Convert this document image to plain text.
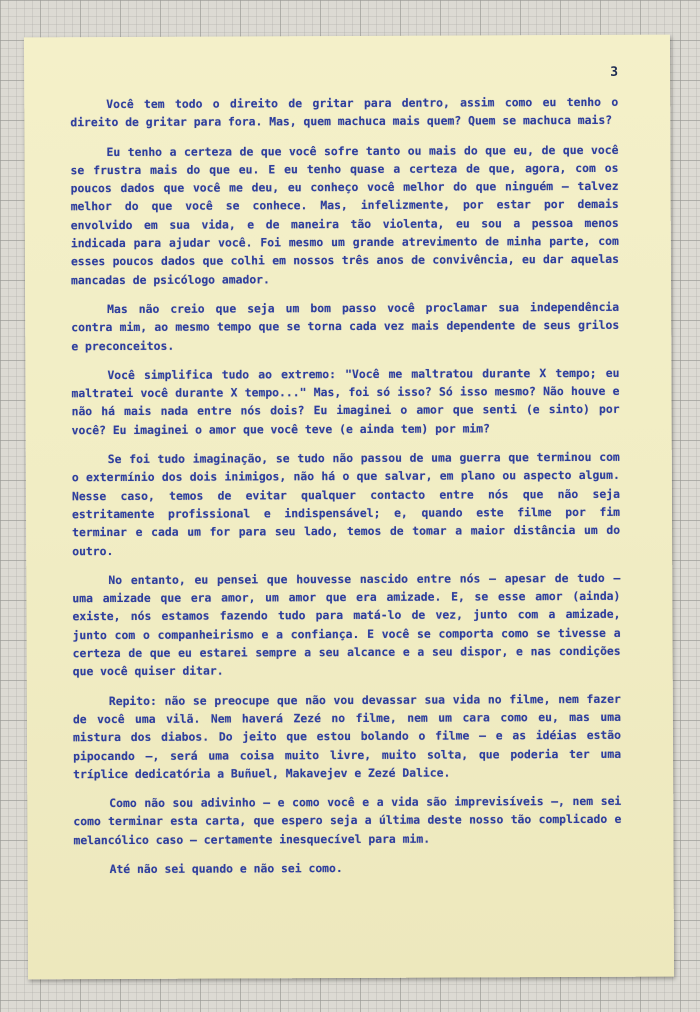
3

Você tem todo o direito de gritar para dentro, assim como eu tenho o direito de gritar para fora. Mas, quem machuca mais quem? Quem se machuca mais?

Eu tenho a certeza de que você sofre tanto ou mais do que eu, de que você se frustra mais do que eu. E eu tenho quase a certeza de que, agora, com os poucos dados que você me deu, eu conheço você melhor do que ninguém — talvez melhor do que você se conhece. Mas, infelizmente, por estar por demais envolvido em sua vida, e de maneira tão violenta, eu sou a pessoa menos indicada para ajudar você. Foi mesmo um grande atrevimento de minha parte, com esses poucos dados que colhi em nossos três anos de convivência, eu dar aquelas mancadas de psicólogo amador.

Mas não creio que seja um bom passo você proclamar sua independência contra mim, ao mesmo tempo que se torna cada vez mais dependente de seus grilos e preconceitos.

Você simplifica tudo ao extremo: "Você me maltratou durante X tempo; eu maltratei você durante X tempo..." Mas, foi só isso? Só isso mesmo? Não houve e não há mais nada entre nós dois? Eu imaginei o amor que senti (e sinto) por você? Eu imaginei o amor que você teve (e ainda tem) por mim?

Se foi tudo imaginação, se tudo não passou de uma guerra que terminou com o extermínio dos dois inimigos, não há o que salvar, em plano ou aspecto algum. Nesse caso, temos de evitar qualquer contacto entre nós que não seja estritamente profissional e indispensável; e, quando este filme por fim terminar e cada um for para seu lado, temos de tomar a maior distância um do outro.

No entanto, eu pensei que houvesse nascido entre nós — apesar de tudo — uma amizade que era amor, um amor que era amizade. E, se esse amor (ainda) existe, nós estamos fazendo tudo para matá-lo de vez, junto com a amizade, junto com o companheirismo e a confiança. E você se comporta como se tivesse a certeza de que eu estarei sempre a seu alcance e a seu dispor, e nas condições que você quiser ditar.

Repito: não se preocupe que não vou devassar sua vida no filme, nem fazer de você uma vilã. Nem haverá Zezé no filme, nem um cara como eu, mas uma mistura dos diabos. Do jeito que estou bolando o filme — e as idéias estão pipocando —, será uma coisa muito livre, muito solta, que poderia ter uma tríplice dedicatória a Buñuel, Makavejev e Zezé Dalice.

Como não sou adivinho — e como você e a vida são imprevisíveis —, nem sei como terminar esta carta, que espero seja a última deste nosso tão complicado e melancólico caso — certamente inesquecível para mim.

Até não sei quando e não sei como.
